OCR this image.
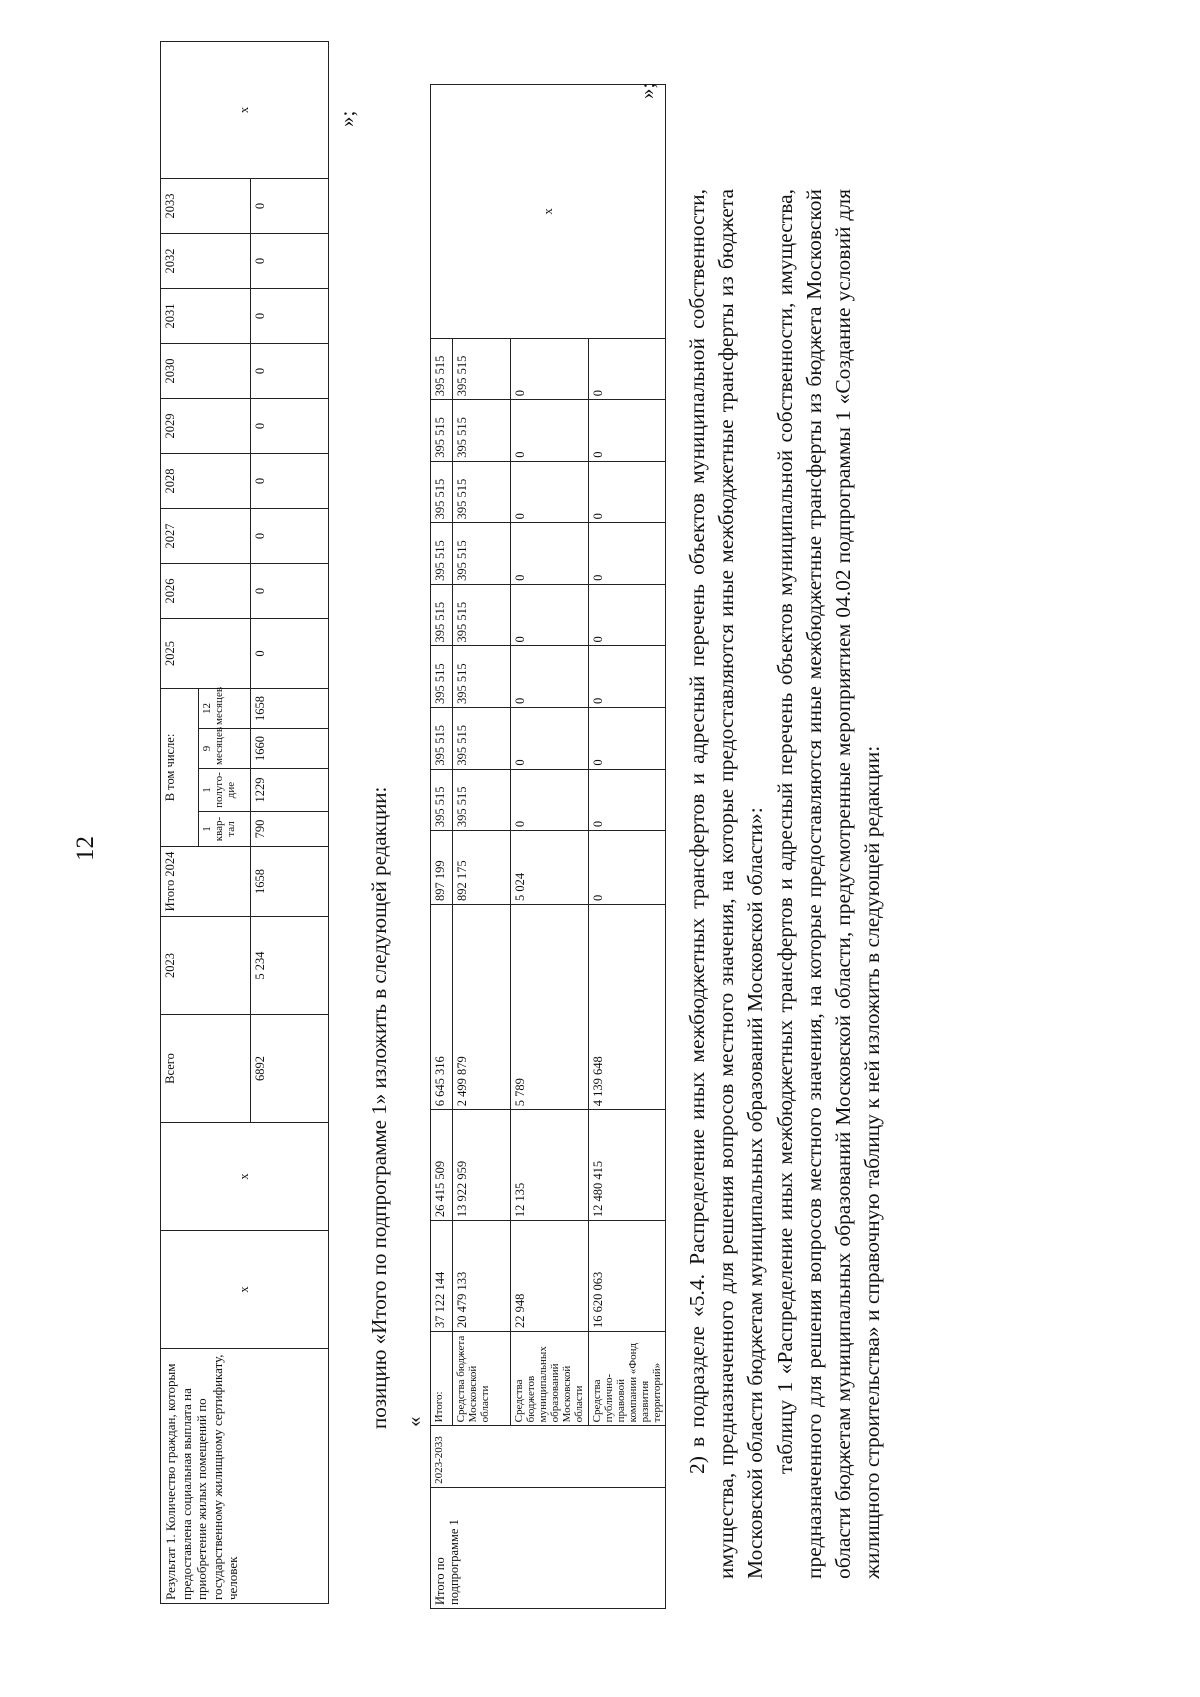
12
Результат 1. Количество граждан, которым предоставлена социальная выплата на приобретение жилых помещений по государственному жилищному сертификату, человек	х	х	Всего	2023	Итого 2024	В том числе:				2025	2026	2027	2028	2029	2030	2031	2032	2033	х
						1 квар-тал	1 полуго-дие	9 месяцев	12 месяцев										
			6892	5 234	1658	790	1229	1660	1658	0	0	0	0	0	0	0	0	0	
»;
позицию «Итого по подпрограмме 1» изложить в следующей редакции: «
Итого по подпрограмме 1	2023-2033	Итого:	37 122 144	26 415 509	6 645 316	897 199	395 515	395 515	395 515	395 515	395 515	395 515	395 515	395 515	х
		Средства бюджета Московской области	20 479 133	13 922 959	2 499 879	892 175	395 515	395 515	395 515	395 515	395 515	395 515	395 515	395 515	
		Средства бюджетов муниципальных образований Московской области	22 948	12 135	5 789	5 024	0	0	0	0	0	0	0	0	
		Средства публично-правовой компании «Фонд развития территорий»	16 620 063	12 480 415	4 139 648	0	0	0	0	0	0	0	0	0	
»;

2) в подразделе «5.4. Распределение иных межбюджетных трансфертов и адресный перечень объектов муниципальной собственности, имущества, предназначенного для решения вопросов местного значения, на которые предоставляются иные межбюджетные трансферты из бюджета Московской области бюджетам муниципальных образований Московской области»: таблицу 1 «Распределение иных межбюджетных трансфертов и адресный перечень объектов муниципальной собственности, имущества, предназначенного для решения вопросов местного значения, на которые предоставляются иные межбюджетные трансферты из бюджета Московской области бюджетам муниципальных образований Московской области, предусмотренные мероприятием 04.02 подпрограммы 1 «Создание условий для жилищного строительства» и справочную таблицу к ней изложить в следующей редакции:
